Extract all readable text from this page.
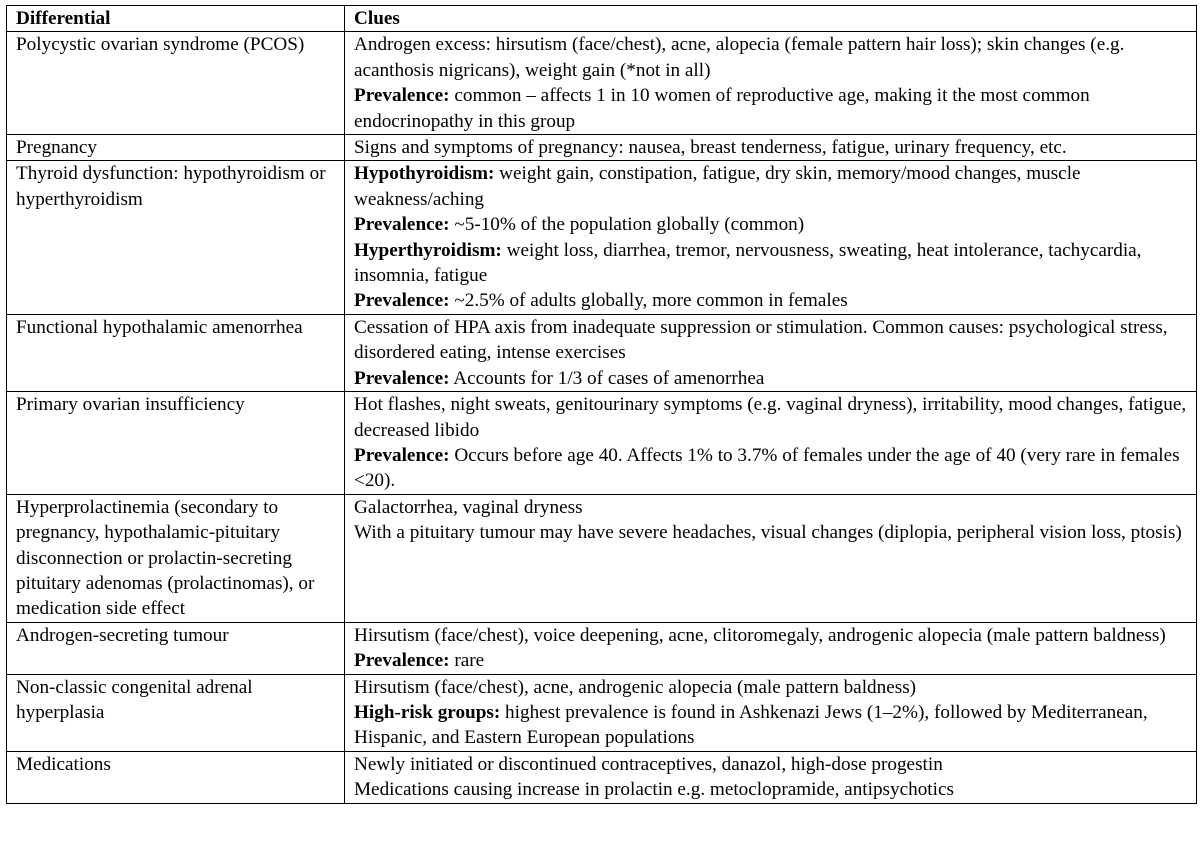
Differential	Clues
Polycystic ovarian syndrome (PCOS)	Androgen excess: hirsutism (face/chest), acne, alopecia (female pattern hair loss); skin changes (e.g. acanthosis nigricans), weight gain (*not in all)
Prevalence: common – affects 1 in 10 women of reproductive age, making it the most common endocrinopathy in this group

Pregnancy	Signs and symptoms of pregnancy: nausea, breast tenderness, fatigue, urinary frequency, etc.

Thyroid dysfunction: hypothyroidism or hyperthyroidism	Hypothyroidism: weight gain, constipation, fatigue, dry skin, memory/mood changes, muscle weakness/aching
Prevalence: ~5-10% of the population globally (common)
Hyperthyroidism: weight loss, diarrhea, tremor, nervousness, sweating, heat intolerance, tachycardia, insomnia, fatigue
Prevalence: ~2.5% of adults globally, more common in females

Functional hypothalamic amenorrhea	Cessation of HPA axis from inadequate suppression or stimulation. Common causes: psychological stress, disordered eating, intense exercises
Prevalence: Accounts for 1/3 of cases of amenorrhea

Primary ovarian insufficiency	Hot flashes, night sweats, genitourinary symptoms (e.g. vaginal dryness), irritability, mood changes, fatigue, decreased libido
Prevalence: Occurs before age 40. Affects 1% to 3.7% of females under the age of 40 (very rare in females <20).

Hyperprolactinemia (secondary to pregnancy, hypothalamic-pituitary disconnection or prolactin-secreting pituitary adenomas (prolactinomas), or medication side effect	Galactorrhea, vaginal dryness
With a pituitary tumour may have severe headaches, visual changes (diplopia, peripheral vision loss, ptosis)

Androgen-secreting tumour	Hirsutism (face/chest), voice deepening, acne, clitoromegaly, androgenic alopecia (male pattern baldness)
Prevalence: rare

Non-classic congenital adrenal hyperplasia	Hirsutism (face/chest), acne, androgenic alopecia (male pattern baldness)
High-risk groups: highest prevalence is found in Ashkenazi Jews (1–2%), followed by Mediterranean, Hispanic, and Eastern European populations

Medications	Newly initiated or discontinued contraceptives, danazol, high-dose progestin
Medications causing increase in prolactin e.g. metoclopramide, antipsychotics
